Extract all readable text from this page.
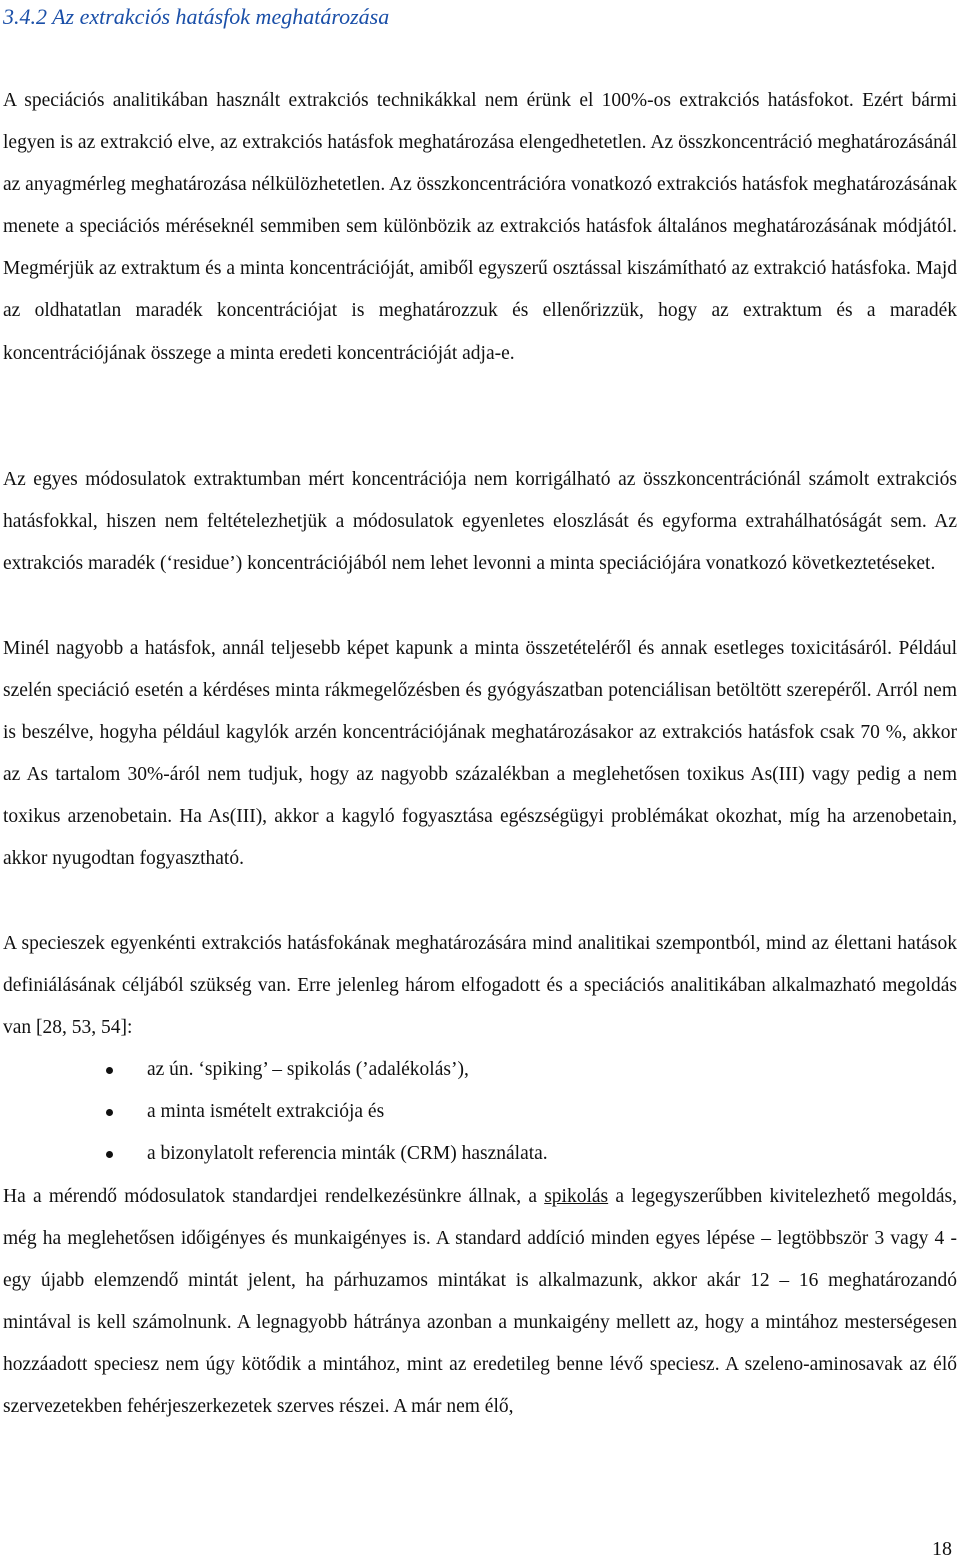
3.4.2 Az extrakciós hatásfok meghatározása

A speciációs analitikában használt extrakciós technikákkal nem érünk el 100%-os extrakciós hatásfokot. Ezért bármi legyen is az extrakció elve, az extrakciós hatásfok meghatározása elengedhetetlen. Az összkoncentráció meghatározásánál az anyagmérleg meghatározása nélkülözhetetlen. Az összkoncentrációra vonatkozó extrakciós hatásfok meghatározásának menete a speciációs méréseknél semmiben sem különbözik az extrakciós hatásfok általános meghatározásának módjától. Megmérjük az extraktum és a minta koncentrációját, amiből egyszerű osztással kiszámítható az extrakció hatásfoka. Majd az oldhatatlan maradék koncentrációjat is meghatározzuk és ellenőrizzük, hogy az extraktum és a maradék koncentrációjának összege a minta eredeti koncentrációját adja-e.

Az egyes módosulatok extraktumban mért koncentrációja nem korrigálható az összkoncentrációnál számolt extrakciós hatásfokkal, hiszen nem feltételezhetjük a módosulatok egyenletes eloszlását és egyforma extrahálhatóságát sem. Az extrakciós maradék (‘residue’) koncentrációjából nem lehet levonni a minta speciációjára vonatkozó következtetéseket.

Minél nagyobb a hatásfok, annál teljesebb képet kapunk a minta összetételéről és annak esetleges toxicitásáról. Például szelén speciáció esetén a kérdéses minta rákmegelőzésben és gyógyászatban potenciálisan betöltött szerepéről. Arról nem is beszélve, hogyha például kagylók arzén koncentrációjának meghatározásakor az extrakciós hatásfok csak 70 %, akkor az As tartalom 30%-áról nem tudjuk, hogy az nagyobb százalékban a meglehetősen toxikus As(III) vagy pedig a nem toxikus arzenobetain. Ha As(III), akkor a kagyló fogyasztása egészségügyi problémákat okozhat, míg ha arzenobetain, akkor nyugodtan fogyasztható.

A specieszek egyenkénti extrakciós hatásfokának meghatározására mind analitikai szempontból, mind az élettani hatások definiálásának céljából szükség van. Erre jelenleg három elfogadott és a speciációs analitikában alkalmazható megoldás van [28, 53, 54]:

az ún. ‘spiking’ – spikolás (’adalékolás’),
a minta ismételt extrakciója és
a bizonylatolt referencia minták (CRM) használata.

Ha a mérendő módosulatok standardjei rendelkezésünkre állnak, a spikolás a legegyszerűbben kivitelezhető megoldás, még ha meglehetősen időigényes és munkaigényes is. A standard addíció minden egyes lépése – legtöbbször 3 vagy 4 - egy újabb elemzendő mintát jelent, ha párhuzamos mintákat is alkalmazunk, akkor akár 12 – 16 meghatározandó mintával is kell számolnunk. A legnagyobb hátránya azonban a munkaigény mellett az, hogy a mintához mesterségesen hozzáadott speciesz nem úgy kötődik a mintához, mint az eredetileg benne lévő speciesz. A szeleno-aminosavak az élő szervezetekben fehérjeszerkezetek szerves részei. A már nem élő,

18
